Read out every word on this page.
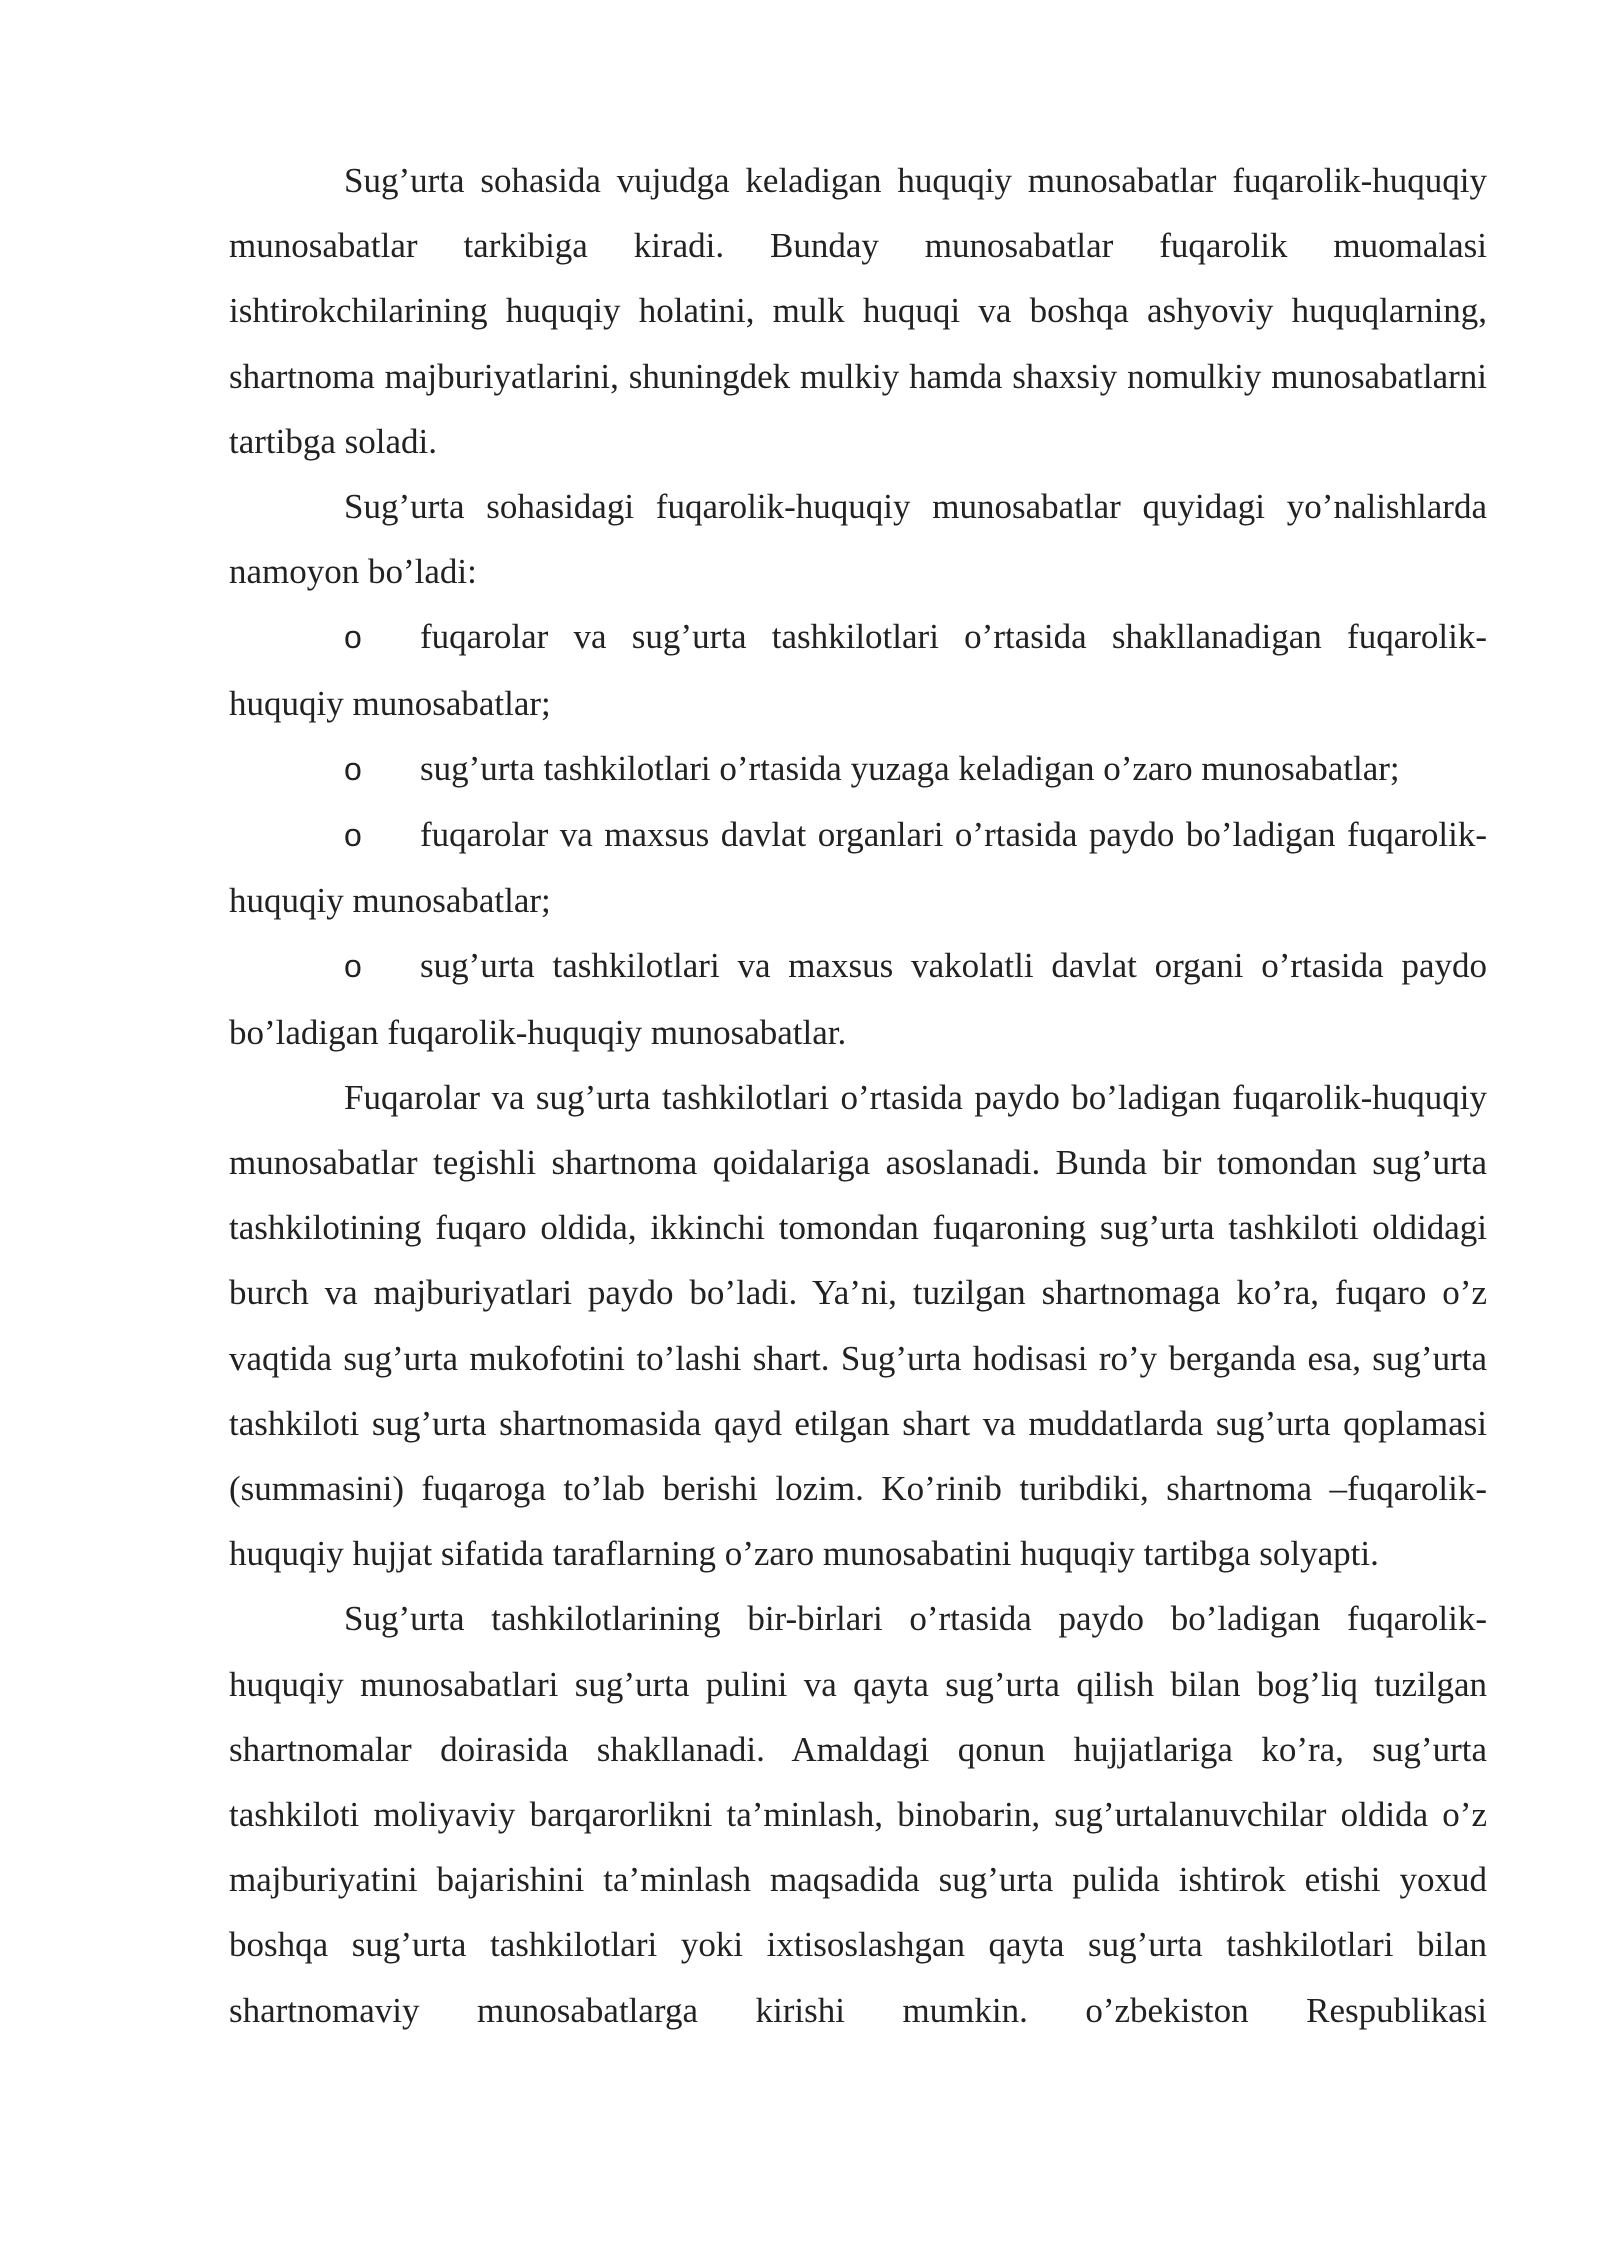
Sug’urta sohasida vujudga keladigan huquqiy munosabatlar fuqarolik-huquqiy munosabatlar tarkibiga kiradi. Bunday munosabatlar fuqarolik muomalasi ishtirokchilarining huquqiy holatini, mulk huquqi va boshqa ashyoviy huquqlarning, shartnoma majburiyatlarini, shuningdek mulkiy hamda shaxsiy nomulkiy munosabatlarni tartibga soladi.

Sug’urta sohasidagi fuqarolik-huquqiy munosabatlar quyidagi yo’nalishlarda namoyon bo’ladi:

o fuqarolar va sug’urta tashkilotlari o’rtasida shakllanadigan fuqarolik-huquqiy munosabatlar;

o sug’urta tashkilotlari o’rtasida yuzaga keladigan o’zaro munosabatlar;

o fuqarolar va maxsus davlat organlari o’rtasida paydo bo’ladigan fuqarolik- huquqiy munosabatlar;

o sug’urta tashkilotlari va maxsus vakolatli davlat organi o’rtasida paydo bo’ladigan fuqarolik-huquqiy munosabatlar.

Fuqarolar va sug’urta tashkilotlari o’rtasida paydo bo’ladigan fuqarolik-huquqiy munosabatlar tegishli shartnoma qoidalariga asoslanadi. Bunda bir tomondan sug’urta tashkilotining fuqaro oldida, ikkinchi tomondan fuqaroning sug’urta tashkiloti oldidagi burch va majburiyatlari paydo bo’ladi. Ya’ni, tuzilgan shartnomaga ko’ra, fuqaro o’z vaqtida sug’urta mukofotini to’lashi shart. Sug’urta hodisasi ro’y berganda esa, sug’urta tashkiloti sug’urta shartnomasida qayd etilgan shart va muddatlarda sug’urta qoplamasi (summasini) fuqaroga to’lab berishi lozim. Ko’rinib turibdiki, shartnoma –fuqarolik-huquqiy hujjat sifatida taraflarning o’zaro munosabatini huquqiy tartibga solyapti.

Sug’urta tashkilotlarining bir-birlari o’rtasida paydo bo’ladigan fuqarolik-huquqiy munosabatlari sug’urta pulini va qayta sug’urta qilish bilan bog’liq tuzilgan shartnomalar doirasida shakllanadi. Amaldagi qonun hujjatlariga ko’ra, sug’urta tashkiloti moliyaviy barqarorlikni ta’minlash, binobarin, sug’urtalanuvchilar oldida o’z majburiyatini bajarishini ta’minlash maqsadida sug’urta pulida ishtirok etishi yoxud boshqa sug’urta tashkilotlari yoki ixtisoslashgan qayta sug’urta tashkilotlari bilan shartnomaviy munosabatlarga kirishi mumkin. o’zbekiston Respublikasi
